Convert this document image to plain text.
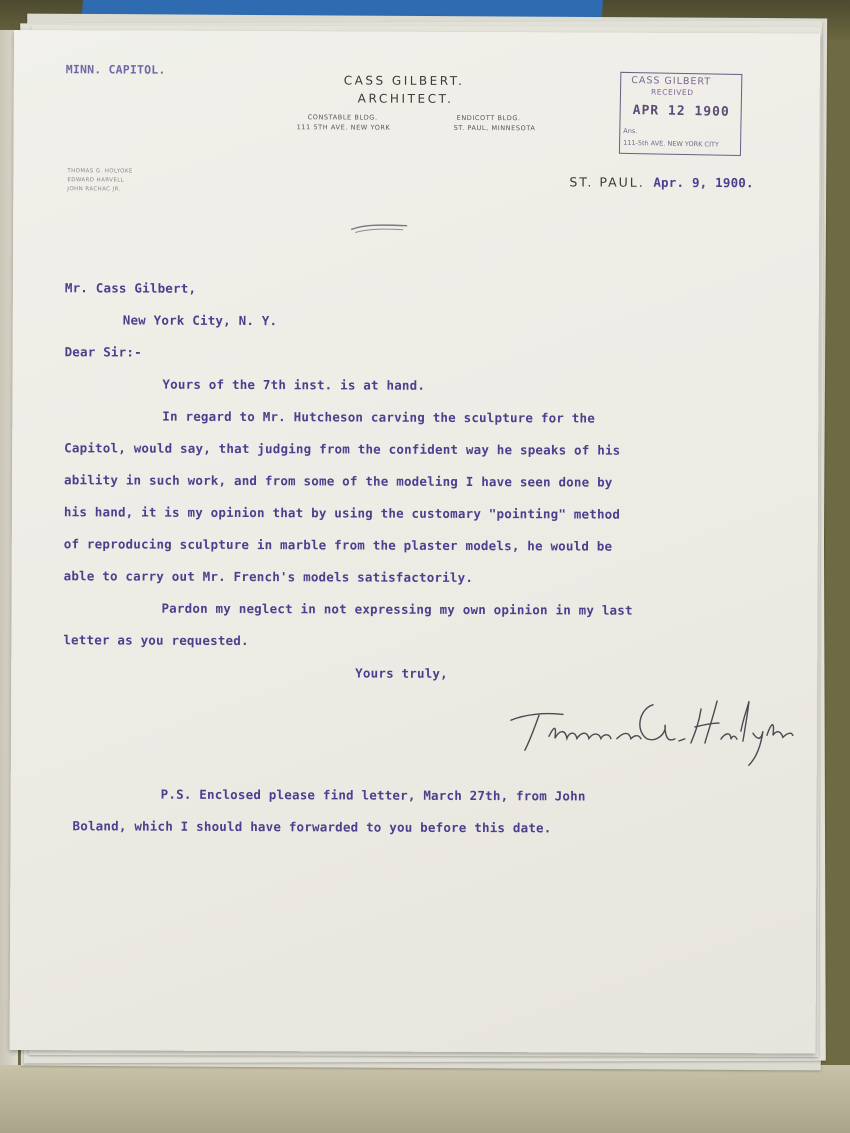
MINN. CAPITOL.
CASS GILBERT.
ARCHITECT.
CONSTABLE BLDG.
111 5TH AVE. NEW YORK
ENDICOTT BLDG.
ST. PAUL, MINNESOTA
THOMAS G. HOLYOKE
EDWARD HARVELL
JOHN RACHAC JR.
CASS GILBERT
RECEIVED
APR 12 1900
Ans.
111-5th AVE. NEW YORK CITY
ST. PAUL. Apr. 9, 1900.
Mr. Cass Gilbert,
New York City, N. Y.
Dear Sir:-
Yours of the 7th inst. is at hand.
In regard to Mr. Hutcheson carving the sculpture for the
Capitol, would say, that judging from the confident way he speaks of his
ability in such work, and from some of the modeling I have seen done by
his hand, it is my opinion that by using the customary "pointing" method
of reproducing sculpture in marble from the plaster models, he would be
able to carry out Mr. French's models satisfactorily.
Pardon my neglect in not expressing my own opinion in my last
letter as you requested.
Yours truly,
P.S. Enclosed please find letter, March 27th, from John
Boland, which I should have forwarded to you before this date.
